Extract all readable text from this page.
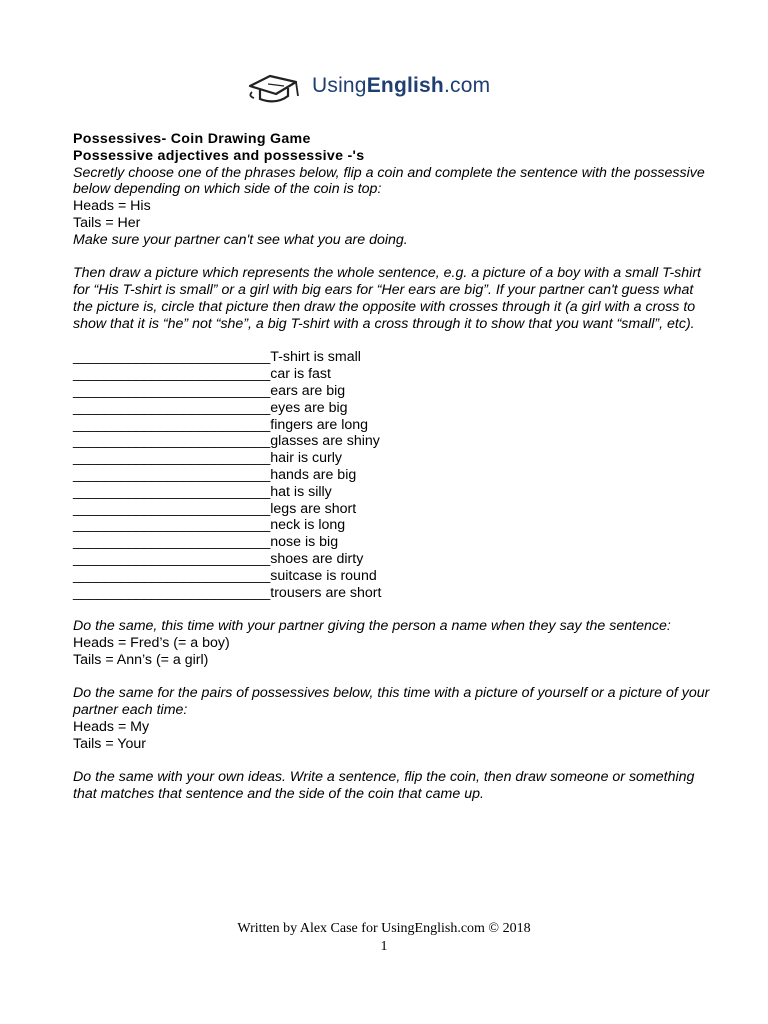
UsingEnglish.com

Possessives- Coin Drawing Game

Possessive adjectives and possessive -'s

Secretly choose one of the phrases below, flip a coin and complete the sentence with the possessive below depending on which side of the coin is top:

Heads = His

Tails = Her

Make sure your partner can't see what you are doing.

Then draw a picture which represents the whole sentence, e.g. a picture of a boy with a small T-shirt for “His T-shirt is small” or a girl with big ears for “Her ears are big”. If your partner can't guess what the picture is, circle that picture then draw the opposite with crosses through it (a girl with a cross to show that it is “he” not “she”, a big T-shirt with a cross through it to show that you want “small”, etc).

_________________________T-shirt is small
_________________________car is fast
_________________________ears are big
_________________________eyes are big
_________________________fingers are long
_________________________glasses are shiny
_________________________hair is curly
_________________________hands are big
_________________________hat is silly
_________________________legs are short
_________________________neck is long
_________________________nose is big
_________________________shoes are dirty
_________________________suitcase is round
_________________________trousers are short

Do the same, this time with your partner giving the person a name when they say the sentence:

Heads = Fred’s (= a boy)

Tails = Ann’s (= a girl)

Do the same for the pairs of possessives below, this time with a picture of yourself or a picture of your partner each time:

Heads = My

Tails = Your

Do the same with your own ideas. Write a sentence, flip the coin, then draw someone or something that matches that sentence and the side of the coin that came up.

Written by Alex Case for UsingEnglish.com © 2018
1
